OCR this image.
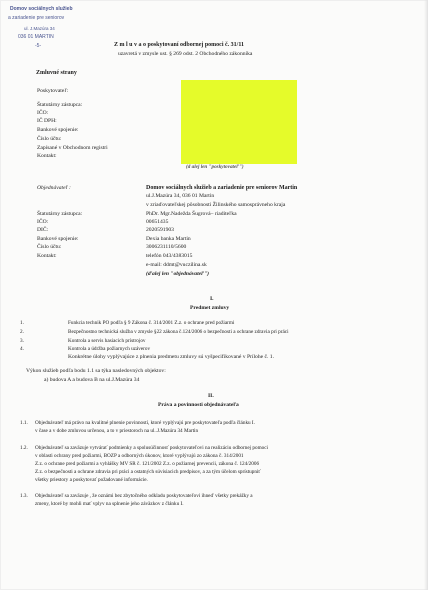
Domov sociálnych služieb
a zariadenie pre seniorov
ul. J.Mazúra 34
036 01 MARTIN
-5-	Z m l u v a o poskytovaní odbornej pomoci č. 31/11
uzavretá v zmysle ust. § 269 odst. 2 Obchodného zákonníka
Zmluvné strany
Poskytovateľ:
Štatutárny zástupca:
IČO:
IČ DPH:
Bankové spojenie:
Číslo účtu:
Zapísané v Obchodnom registri
Kontakt:
(d alej len "poskytovateľ")
Objednávateľ :	Domov sociálnych služieb a zariadenie pre seniorov Martin
ul.J.Mazúra 34, 036 01 Martin
v zriaďovateľskej pôsobnosti Žilinského samosprávneho kraja
Štatutárny zástupca:	PhDr. Mgr.Nadežda Šugrová– riaditeľka
IČO:	00651435
DIČ:	2020591903
Bankové spojenie:	Dexia banka Martin
Číslo účtu:	3006231110/5600
Kontakt:	telefón 043/4383015
e-mail: ddmt@vuczilina.sk
(ďalej len "objednávateľ")
I.
Predmet zmluvy
1.	Funkcia technik PO podľa § 9 Zákona č. 314/2001 Z.z. o ochrane pred požiarmi
2.	Bezpečnostno technická služba v zmysle §22 zákona č.124/2006 o bezpečnosti a ochrane zdravia pri práci
3.	Kontrola a servis hasiacich prístrojov
4.	Kontrola a údržba požiarnych uzáverov
Konkrétne úlohy vyplývajúce z plnenia predmetu zmluvy sú vyšpecifikované v Prílohe č. 1.
Výkon služieb podľa bodu 1.1 sa týka nasledovných objektov:
a) budova A a budova B na ul.J.Mazúra 34
II.
Práva a povinnosti objednávateľa
1.1. Objednávateľ má právo na kvalitné plnenie povinností, ktoré vyplývajú pre poskytovateľa podľa článku I.
v čase a v dobe zmluvou určenou, a to v priestoroch na ul..J.Mazúra 34 Martin
1.2. Objednávateľ sa zaväzuje vytvárať podmienky a spolusúčinnosť poskytovateľovi na realizáciu odbornej pomoci
v oblasti ochrany pred požiarmi, BOZP a odborných úkonov, ktoré vyplývajú zo zákona č. 314/2001
Z.z. o ochrane pred požiarmi a vyhlášky MV SR č. 121/2002 Z.z. o požiarnej prevencii, zákona č. 124/2006
Z.z. o bezpečnosti a ochrane zdravia pri práci a ostatných súvisiacich predpisov, a za tým účelom sprístupniť
všetky priestory a poskytovať požadované informácie.
1.3. Objednávateľ sa zaväzuje , že oznámi bez zbytočného odkladu poskytovateľovi ihneď všetky prekážky a
zmeny, ktoré by mohli mať vplyv na splnenie jeho záväzkov z článku I.
